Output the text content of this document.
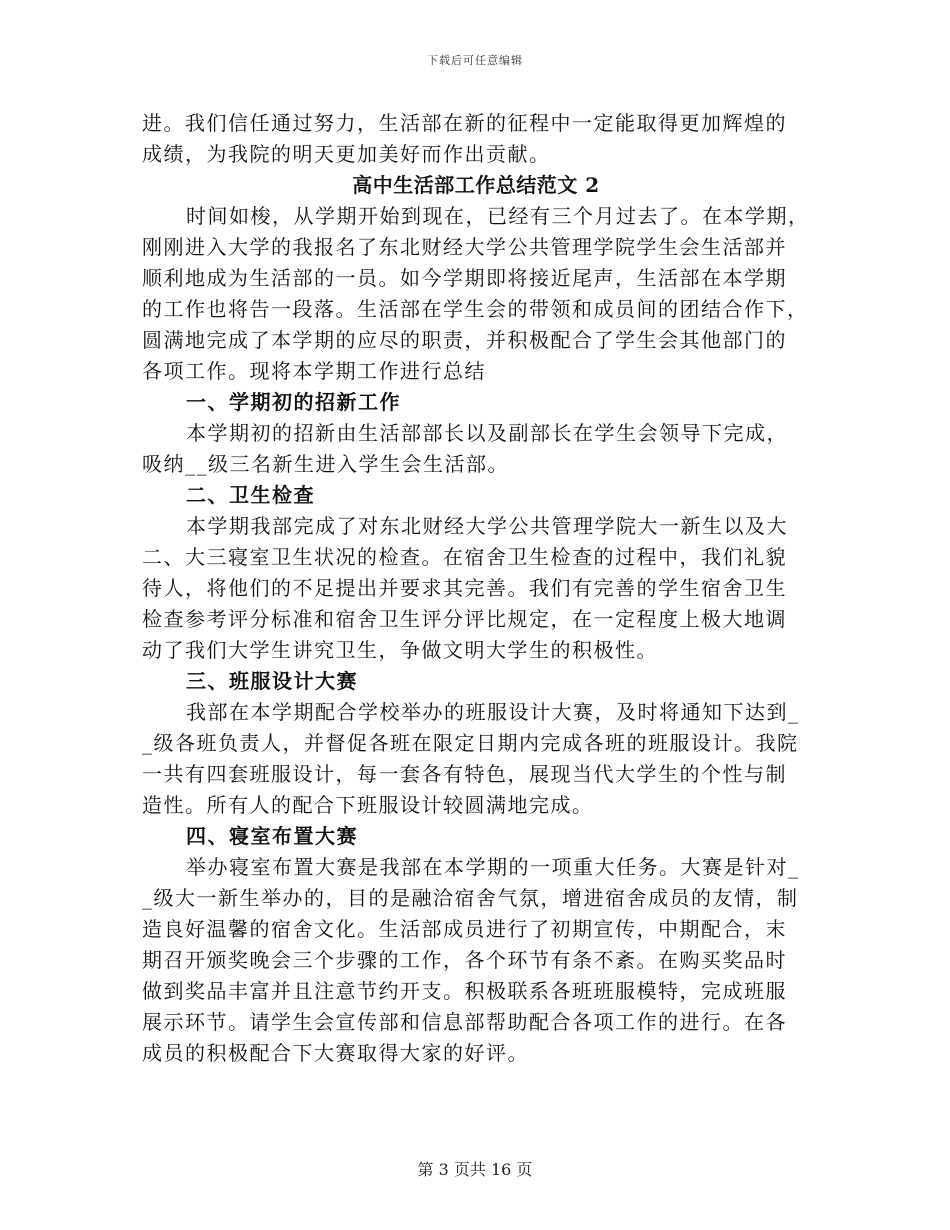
下载后可任意编辑
进。我们信任通过努力，生活部在新的征程中一定能取得更加辉煌的
成绩，为我院的明天更加美好而作出贡献。
高中生活部工作总结范文 2
时间如梭，从学期开始到现在，已经有三个月过去了。在本学期，
刚刚进入大学的我报名了东北财经大学公共管理学院学生会生活部并
顺利地成为生活部的一员。如今学期即将接近尾声，生活部在本学期
的工作也将告一段落。生活部在学生会的带领和成员间的团结合作下，
圆满地完成了本学期的应尽的职责，并积极配合了学生会其他部门的
各项工作。现将本学期工作进行总结
一、学期初的招新工作
本学期初的招新由生活部部长以及副部长在学生会领导下完成，
吸纳__级三名新生进入学生会生活部。
二、卫生检查
本学期我部完成了对东北财经大学公共管理学院大一新生以及大
二、大三寝室卫生状况的检查。在宿舍卫生检查的过程中，我们礼貌
待人，将他们的不足提出并要求其完善。我们有完善的学生宿舍卫生
检查参考评分标准和宿舍卫生评分评比规定，在一定程度上极大地调
动了我们大学生讲究卫生，争做文明大学生的积极性。
三、班服设计大赛
我部在本学期配合学校举办的班服设计大赛，及时将通知下达到_
_级各班负责人，并督促各班在限定日期内完成各班的班服设计。我院
一共有四套班服设计，每一套各有特色，展现当代大学生的个性与制
造性。所有人的配合下班服设计较圆满地完成。
四、寝室布置大赛
举办寝室布置大赛是我部在本学期的一项重大任务。大赛是针对_
_级大一新生举办的，目的是融洽宿舍气氛，增进宿舍成员的友情，制
造良好温馨的宿舍文化。生活部成员进行了初期宣传，中期配合，末
期召开颁奖晚会三个步骤的工作，各个环节有条不紊。在购买奖品时
做到奖品丰富并且注意节约开支。积极联系各班班服模特，完成班服
展示环节。请学生会宣传部和信息部帮助配合各项工作的进行。在各
成员的积极配合下大赛取得大家的好评。
第 3 页共 16 页
